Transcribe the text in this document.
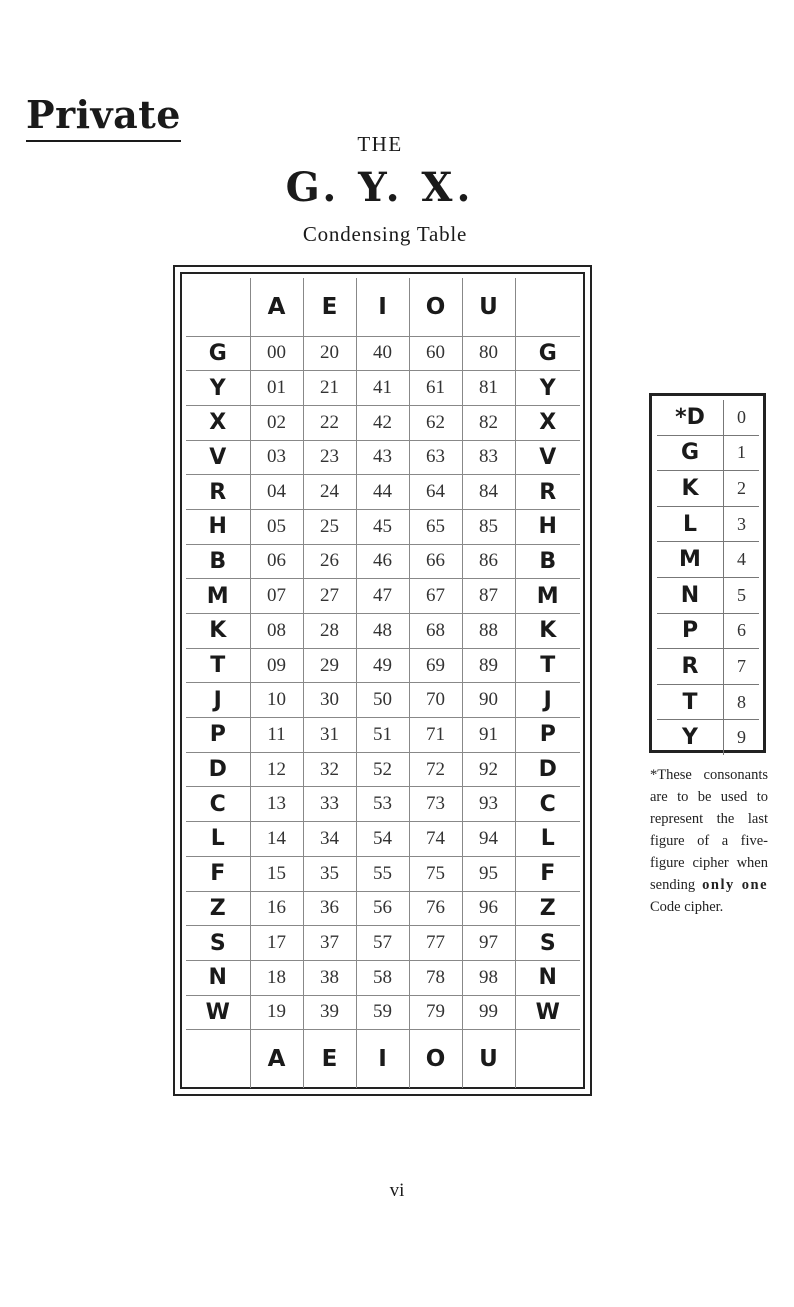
Private
THE
G. Y. X.
Condensing Table
	A	E	I	O	U	
G	00	20	40	60	80	G
Y	01	21	41	61	81	Y
X	02	22	42	62	82	X
V	03	23	43	63	83	V
R	04	24	44	64	84	R
H	05	25	45	65	85	H
B	06	26	46	66	86	B
M	07	27	47	67	87	M
K	08	28	48	68	88	K
T	09	29	49	69	89	T
J	10	30	50	70	90	J
P	11	31	51	71	91	P
D	12	32	52	72	92	D
C	13	33	53	73	93	C
L	14	34	54	74	94	L
F	15	35	55	75	95	F
Z	16	36	56	76	96	Z
S	17	37	57	77	97	S
N	18	38	58	78	98	N
W	19	39	59	79	99	W
	A	E	I	O	U	
*D	0
G	1
K	2
L	3
M	4
N	5
P	6
R	7
T	8
Y	9
*These consonants are to be used to represent the last figure of a five-figure cipher when sending only one Code cipher.
vi
